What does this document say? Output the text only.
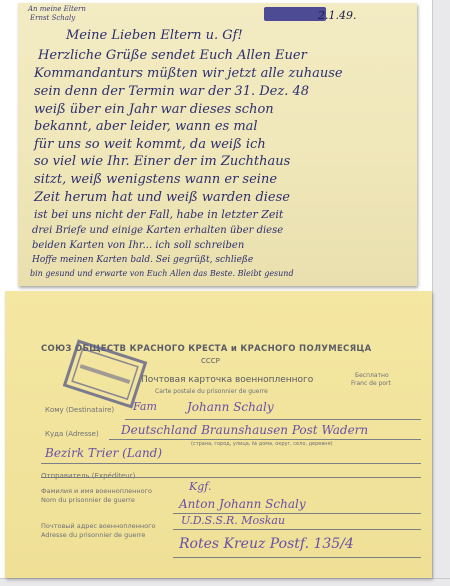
2.1.49.

An meine Eltern

Ernst Schaly

Meine Lieben Eltern u. Gf!

Herzliche Grüße sendet Euch Allen Euer

Kommandanturs müßten wir jetzt alle zuhause

sein denn der Termin war der 31. Dez. 48

weiß über ein Jahr war dieses schon

bekannt, aber leider, wann es mal

für uns so weit kommt, da weiß ich

so viel wie Ihr. Einer der im Zuchthaus

sitzt, weiß wenigstens wann er seine

Zeit herum hat und weiß warden diese

ist bei uns nicht der Fall, habe in letzter Zeit

drei Briefe und einige Karten erhalten über diese

beiden Karten von Ihr... ich soll schreiben

Hoffe meinen Karten bald. Sei gegrüßt, schließe

bin gesund und erwarte von Euch Allen das Beste. Bleibt gesund

СОЮЗ ОБЩЕСТВ КРАСНОГО КРЕСТА и КРАСНОГО ПОЛУМЕСЯЦА

СССР

Почтовая карточка военнопленного

Carte postale du prisonnier de guerre

Бесплатно

Franc de port

Кому (Destinataire) Fam	Johann Schaly

Куда (Adresse) Deutschland Braunshausen Post Wadern

(страна, город, улица, № дома, округ, село, деревня)

Bezirk Trier (Land)

Отправитель (Expéditeur)

Фамилия и имя военнопленного

Nom du prisonnier de guerre

Kgf.

Anton Johann Schaly

Почтовый адрес военнопленного

Adresse du prisonnier de guerre

U.D.S.S.R. Moskau

Rotes Kreuz Postf. 135/4
